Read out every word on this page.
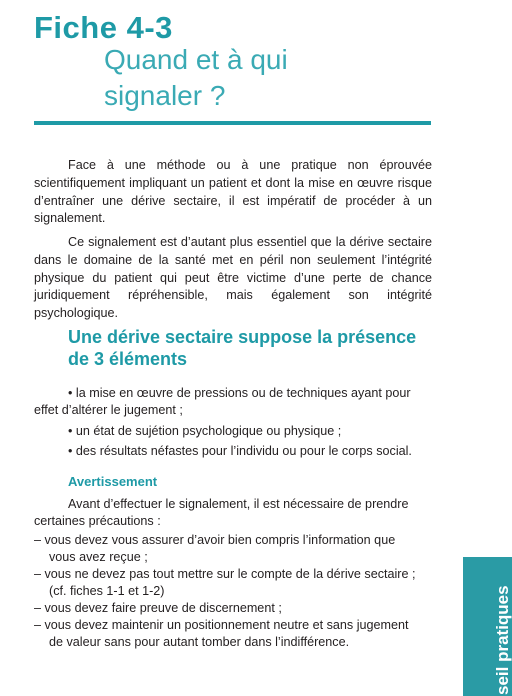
Fiche 4-3
Quand et à qui
signaler ?
Face à une méthode ou à une pratique non éprouvée scientifiquement impliquant un patient et dont la mise en œuvre risque d’entraîner une dérive sectaire, il est impératif de procéder à un signalement.
Ce signalement est d’autant plus essentiel que la dérive sectaire dans le domaine de la santé met en péril non seulement l’intégrité physique du patient qui peut être victime d’une perte de chance juridiquement répréhensible, mais également son intégrité psychologique.
Une dérive sectaire suppose la présence
de 3 éléments
• la mise en œuvre de pressions ou de techniques ayant pour
effet d’altérer le jugement ;
• un état de sujétion psychologique ou physique ;
• des résultats néfastes pour l’individu ou pour le corps social.
Avertissement
Avant d’effectuer le signalement, il est nécessaire de prendre
certaines précautions :
– vous devez vous assurer d’avoir bien compris l’information que
vous avez reçue ;
– vous ne devez pas tout mettre sur le compte de la dérive sectaire ;
(cf. fiches 1-1 et 1-2)
– vous devez faire preuve de discernement ;
– vous devez maintenir un positionnement neutre et sans jugement
de valeur sans pour autant tomber dans l’indifférence.	seil pratiques
